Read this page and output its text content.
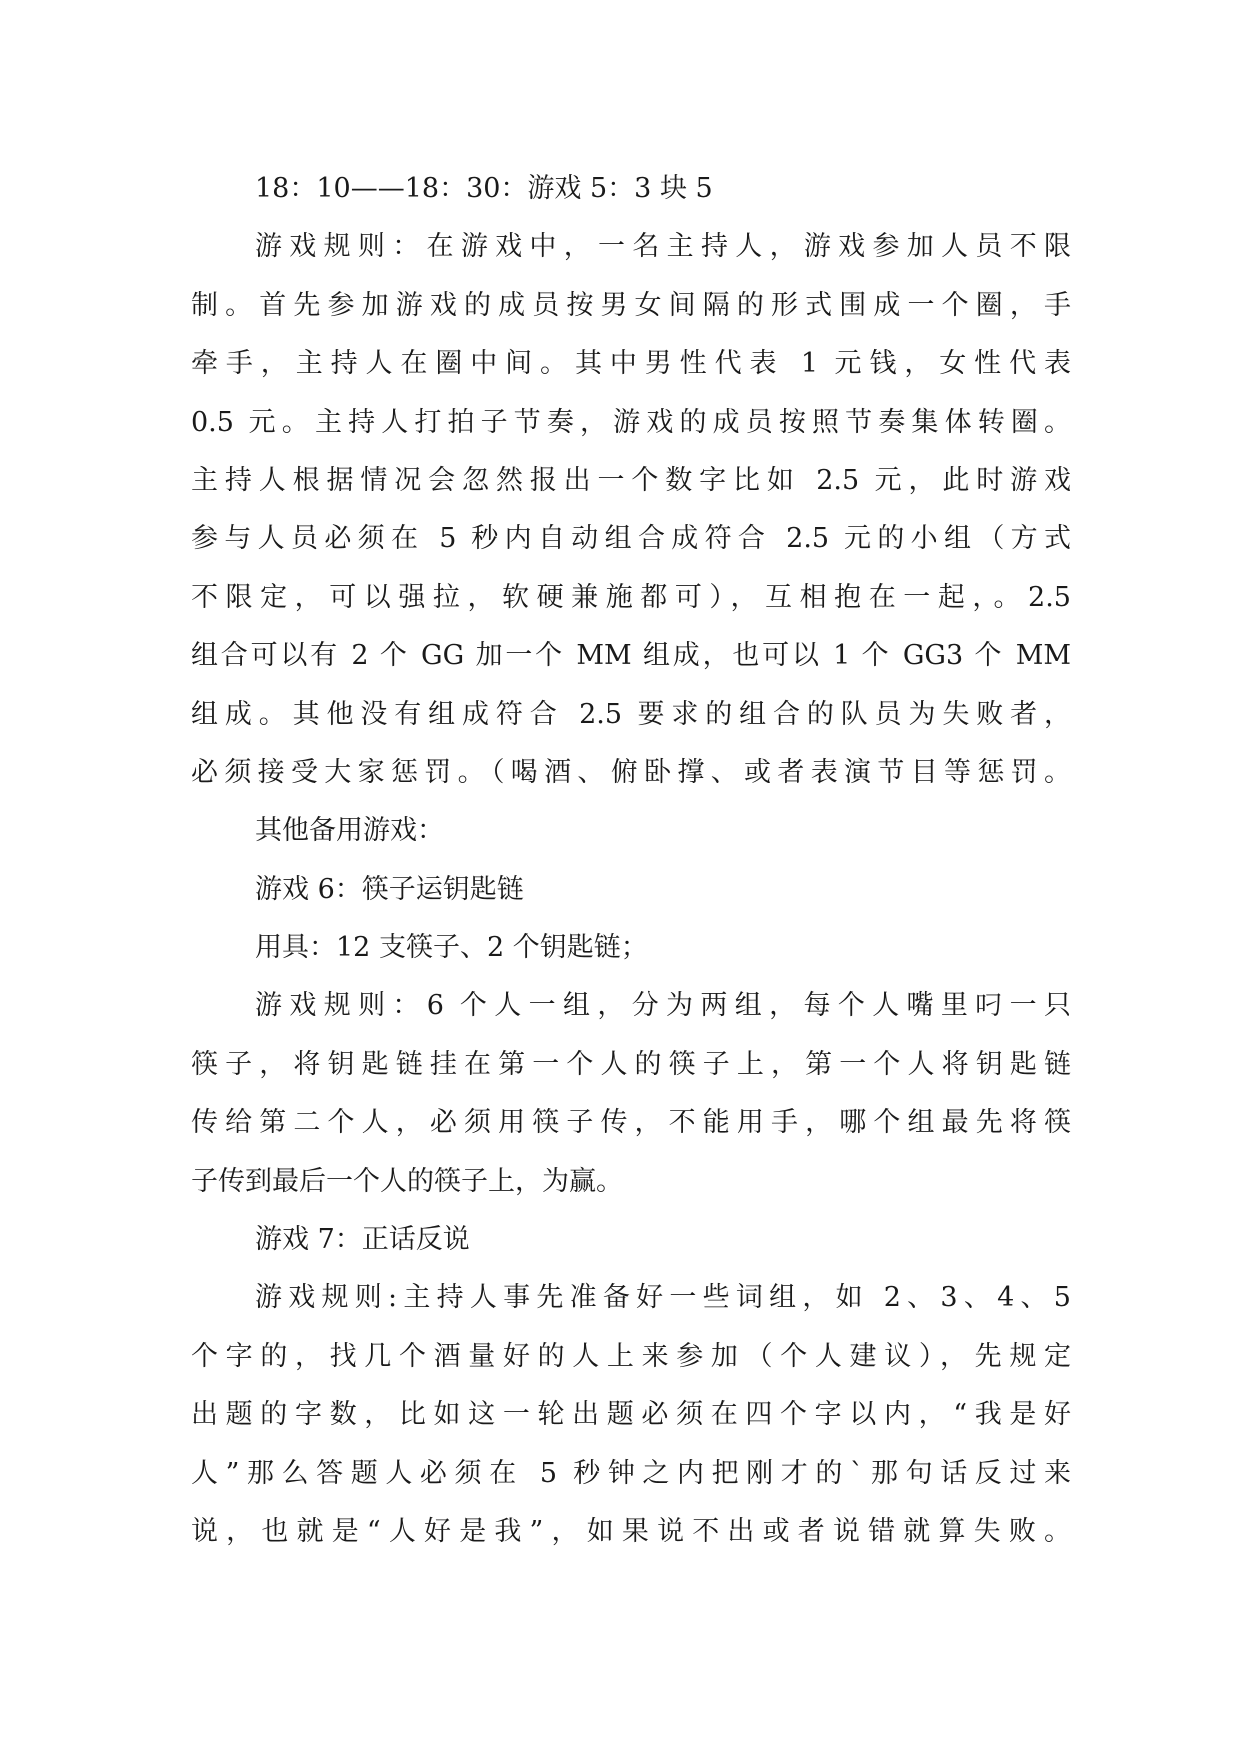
18：10——18：30：游戏 5：3 块 5
游戏规则：在游戏中，一名主持人，游戏参加人员不限
制。首先参加游戏的成员按男女间隔的形式围成一个圈，手
牵手，主持人在圈中间。其中男性代表 1 元钱，女性代表
0.5 元。主持人打拍子节奏，游戏的成员按照节奏集体转圈。
主持人根据情况会忽然报出一个数字比如 2.5 元，此时游戏
参与人员必须在 5 秒内自动组合成符合 2.5 元的小组（方式
不限定，可以强拉，软硬兼施都可），互相抱在一起，。2.5
组合可以有 2 个 GG 加一个 MM 组成，也可以 1 个 GG3 个 MM
组成。其他没有组成符合 2.5 要求的组合的队员为失败者，
必须接受大家惩罚。（喝酒、俯卧撑、或者表演节目等惩罚。
其他备用游戏：
游戏 6：筷子运钥匙链
用具：12 支筷子、2 个钥匙链；
游戏规则：6 个人一组，分为两组，每个人嘴里叼一只
筷子，将钥匙链挂在第一个人的筷子上，第一个人将钥匙链
传给第二个人，必须用筷子传，不能用手，哪个组最先将筷
子传到最后一个人的筷子上，为赢。
游戏 7：正话反说
游戏规则:主持人事先准备好一些词组，如 2、3、4、5
个字的，找几个酒量好的人上来参加（个人建议），先规定
出题的字数，比如这一轮出题必须在四个字以内，“我是好
人”那么答题人必须在 5 秒钟之内把刚才的`那句话反过来
说，也就是“人好是我”，如果说不出或者说错就算失败。
